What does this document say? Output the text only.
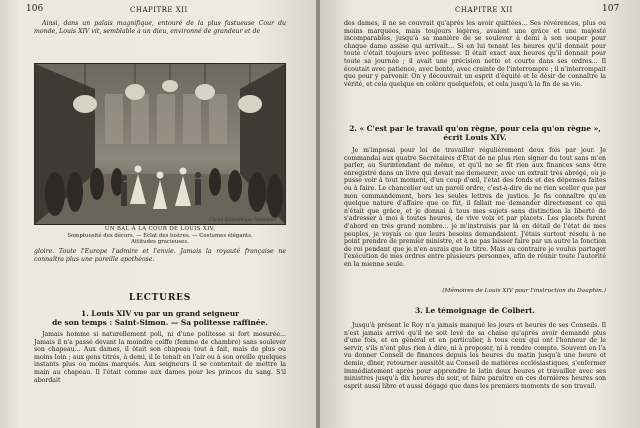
106	CHAPITRE XII

Ainsi, dans un palais magnifique, entouré de la plus fastueuse Cour du monde, Louis XIV vit, semblable à un dieu, environné de grandeur et de

Cliché Bibliothèque Nationale
UN BAL À LA COUR DE LOUIS XIV.
Somptuosité des décors. — Éclat des lustres. — Costumes élégants.
Attitudes gracieuses.

gloire. Toute l'Europe l'admire et l'envie. Jamais la royauté française ne connaîtra plus une pareille apothéose.

LECTURES
1. Louis XIV vu par un grand seigneur
de son temps : Saint-Simon. — Sa politesse raffinée.

Jamais homme si naturellement poli, ni d'une politesse si fort mesurée... Jamais il n'a passé devant la moindre coiffe (femme de chambre) sans soulever son chapeau... Aux dames, il ôtait son chapeau tout à fait, mais de plus ou moins loin ; aux gens titrés, à demi, il le tenait en l'air ou à son oreille quelques instants plus ou moins marqués. Aux seigneurs il se contentait de mettre la main au chapeau. Il l'était comme aux dames pour les princes du sang. S'il abordait

CHAPITRE XII	107

des dames, il ne se couvrait qu'après les avoir quittées... Ses révérences, plus ou moins marquées, mais toujours légères, avaient une grâce et une majesté incomparables, jusqu'à sa manière de se soulever à demi à son souper pour chaque dame assise qui arrivait... Si en lui tenant les heures qu'il donnait pour toute c'était toujours avec politesse. Il était exact aux heures qu'il donnait pour toute sa journée ; il avait une précision nette et courte dans ses ordres... Il écoutait avec patience, avec bonté, avec crainte de l'interrompre ; il n'interrompait que pour y parvenir. On y découvrait un esprit d'équité et le désir de connaître la vérité, et cela quelque en colère quelquefois, et cela jusqu'à la fin de sa vie.

2. « C'est par le travail qu'on règne, pour cela qu'on règne »,
écrit Louis XIV.

Je m'imposai pour loi de travailler régulièrement deux fois par jour. Je commandai aux quatre Secrétaires d'État de ne plus rien signer du tout sans m'en parler, au Surintendant de même, et qu'il ne se fît rien aux finances sans être enregistré dans un livre qui devait me demeurer, avec un extrait très abrégé, où je pusse voir à tout moment, d'un coup d'œil, l'état des fonds et des dépenses faites ou à faire. Le chancelier eut un pareil ordre, c'est-à-dire de ne rien sceller que par mon commandement, hors les seules lettres de justice. Je fis connaître qu'en quelque nature d'affaire que ce fût, il fallait me demander directement ce qui n'était que grâce, et je donnai à tous mes sujets sans distinction la liberté de s'adresser à moi à toutes heures, de vive voix et par placets. Les placets furent d'abord en très grand nombre... je m'instruisis par là en détail de l'état de mes peuples, je voyais ce que leurs besoins demandaient. J'étais surtout résolu à ne point prendre de premier ministre, et à ne pas laisser faire par un autre la fonction de roi pendant que je n'en aurais que le titre. Mais au contraire je voulus partager l'exécution de mes ordres entre plusieurs personnes, afin de réunir toute l'autorité en la mienne seule.

(Mémoires de Louis XIV pour l'instruction du Dauphin.)
3. Le témoignage de Colbert.

Jusqu'à présent le Roy n'a jamais manqué les jours et heures de ses Conseils. Il n'est jamais arrivé qu'il ne soit levé de sa chaise qu'après avoir demandé plus d'une fois, et en général et en particulier, à tous ceux qui ont l'honneur de le servir, s'ils n'ont plus rien à dire, ni à proposer, ni à rendre compte. Souvent en l'a vu donner Conseil de finances depuis les heures du matin jusqu'à une heure et demie, dîner, retourner aussitôt au Conseil de matières ecclésiastiques, s'enfermer immédiatement après pour apprendre le latin deux heures et travailler avec ses ministres jusqu'à dix heures du soir, et faire paraître en ces dernières heures son esprit aussi libre et aussi dégagé que dans les premiers moments de son travail.
